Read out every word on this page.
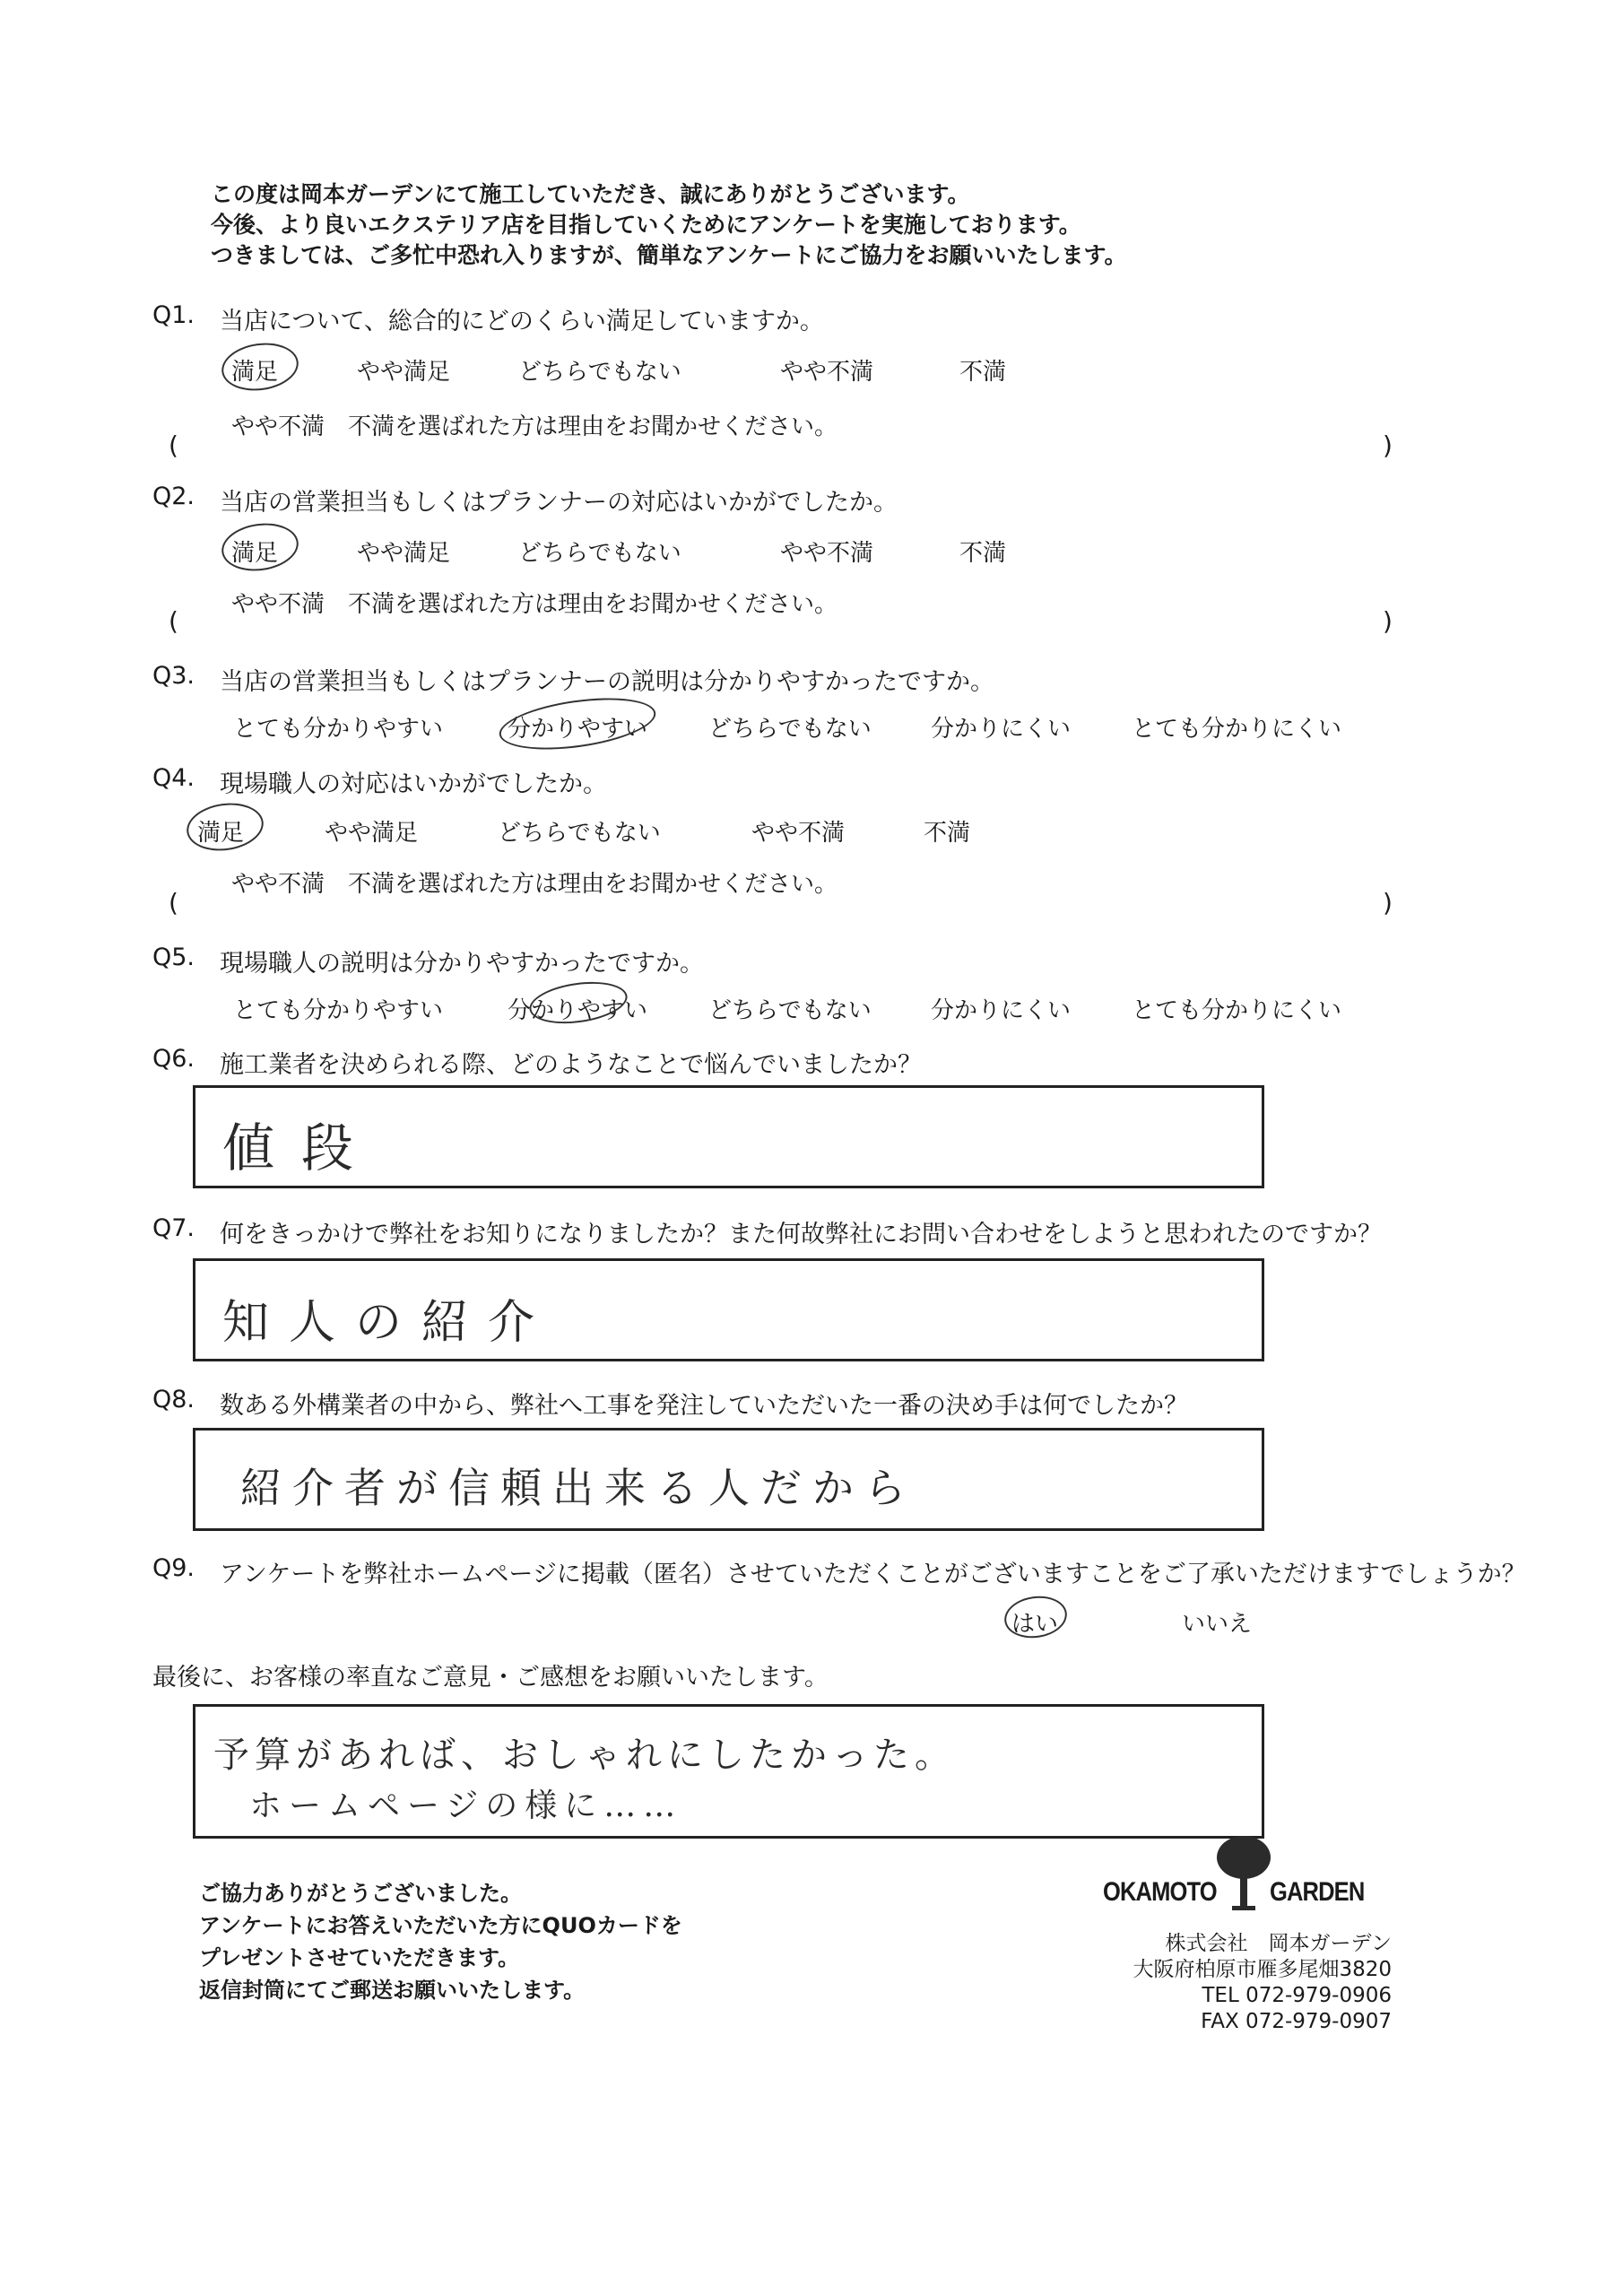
この度は岡本ガーデンにて施工していただき、誠にありがとうございます。
今後、より良いエクステリア店を目指していくためにアンケートを実施しております。
つきましては、ご多忙中恐れ入りますが、簡単なアンケートにご協力をお願いいたします。
Q1. 当店について、総合的にどのくらい満足していますか。
満足	やや満足	どちらでもない	やや不満	不満
やや不満　不満を選ばれた方は理由をお聞かせください。
(	)
Q2. 当店の営業担当もしくはプランナーの対応はいかがでしたか。
満足	やや満足	どちらでもない	やや不満	不満
やや不満　不満を選ばれた方は理由をお聞かせください。
(	)
Q3. 当店の営業担当もしくはプランナーの説明は分かりやすかったですか。
とても分かりやすい	分かりやすい	どちらでもない	分かりにくい	とても分かりにくい
Q4. 現場職人の対応はいかがでしたか。
満足	やや満足	どちらでもない	やや不満	不満
やや不満　不満を選ばれた方は理由をお聞かせください。
(	)
Q5. 現場職人の説明は分かりやすかったですか。
とても分かりやすい	分かりやすい	どちらでもない	分かりにくい	とても分かりにくい
Q6. 施工業者を決められる際、どのようなことで悩んでいましたか？
値段
Q7. 何をきっかけで弊社をお知りになりましたか？また何故弊社にお問い合わせをしようと思われたのですか？
知人の紹介
Q8. 数ある外構業者の中から、弊社へ工事を発注していただいた一番の決め手は何でしたか？
紹介者が信頼出来る人だから
Q9. アンケートを弊社ホームページに掲載（匿名）させていただくことがございますことをご了承いただけますでしょうか？
はい	いいえ
最後に、お客様の率直なご意見・ご感想をお願いいたします。
予算があれば、おしゃれにしたかった。
ホームページの様に……
ご協力ありがとうございました。
アンケートにお答えいただいた方にQUOカードを
プレゼントさせていただきます。
返信封筒にてご郵送お願いいたします。
OKAMOTO GARDEN
株式会社　岡本ガーデン
大阪府柏原市雁多尾畑3820
TEL 072-979-0906
FAX 072-979-0907
